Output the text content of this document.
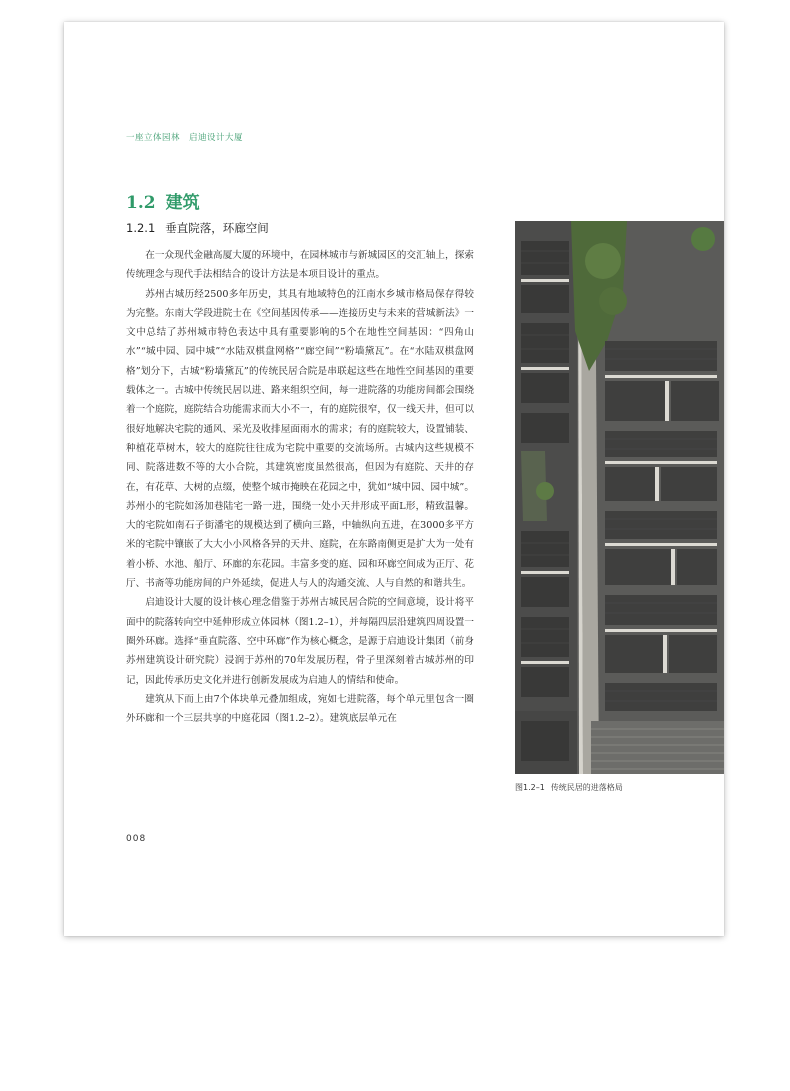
一座立体园林　启迪设计大厦
1.2 建筑
1.2.1 垂直院落，环廊空间

在一众现代金融高厦大厦的环境中，在园林城市与新城园区的交汇轴上，探索传统理念与现代手法相结合的设计方法是本项目设计的重点。

苏州古城历经2500多年历史，其具有地域特色的江南水乡城市格局保存得较为完整。东南大学段进院士在《空间基因传承——连接历史与未来的营城新法》一文中总结了苏州城市特色表达中具有重要影响的5个在地性空间基因：“四角山水”“城中园、园中城”“水陆双棋盘网格”“廊空间”“粉墙黛瓦”。在“水陆双棋盘网格”划分下，古城“粉墙黛瓦”的传统民居合院是串联起这些在地性空间基因的重要载体之一。古城中传统民居以进、路来组织空间，每一进院落的功能房间都会围绕着一个庭院，庭院结合功能需求而大小不一，有的庭院很窄，仅一线天井，但可以很好地解决宅院的通风、采光及收排屋面雨水的需求；有的庭院较大，设置铺装、种植花草树木，较大的庭院往往成为宅院中重要的交流场所。古城内这些规模不同、院落进数不等的大小合院，其建筑密度虽然很高，但因为有庭院、天井的存在，有花草、大树的点缀，使整个城市掩映在花园之中，犹如“城中园、园中城”。苏州小的宅院如汤加巷陆宅一路一进，围绕一处小天井形成平面L形，精致温馨。大的宅院如南石子街潘宅的规模达到了横向三路，中轴纵向五进，在3000多平方米的宅院中镶嵌了大大小小风格各异的天井、庭院，在东路南侧更是扩大为一处有着小桥、水池、船厅、环廊的东花园。丰富多变的庭、园和环廊空间成为正厅、花厅、书斋等功能房间的户外延续，促进人与人的沟通交流、人与自然的和谐共生。

启迪设计大厦的设计核心理念借鉴于苏州古城民居合院的空间意境，设计将平面中的院落转向空中延伸形成立体园林（图1.2–1），并每隔四层沿建筑四周设置一圈外环廊。选择“垂直院落、空中环廊”作为核心概念，是源于启迪设计集团（前身苏州建筑设计研究院）浸润于苏州的70年发展历程，骨子里深刻着古城苏州的印记，因此传承历史文化并进行创新发展成为启迪人的情结和使命。

建筑从下而上由7个体块单元叠加组成，宛如七进院落，每个单元里包含一圈外环廊和一个三层共享的中庭花园（图1.2–2）。建筑底层单元在

图1.2–1 传统民居的进落格局
008
